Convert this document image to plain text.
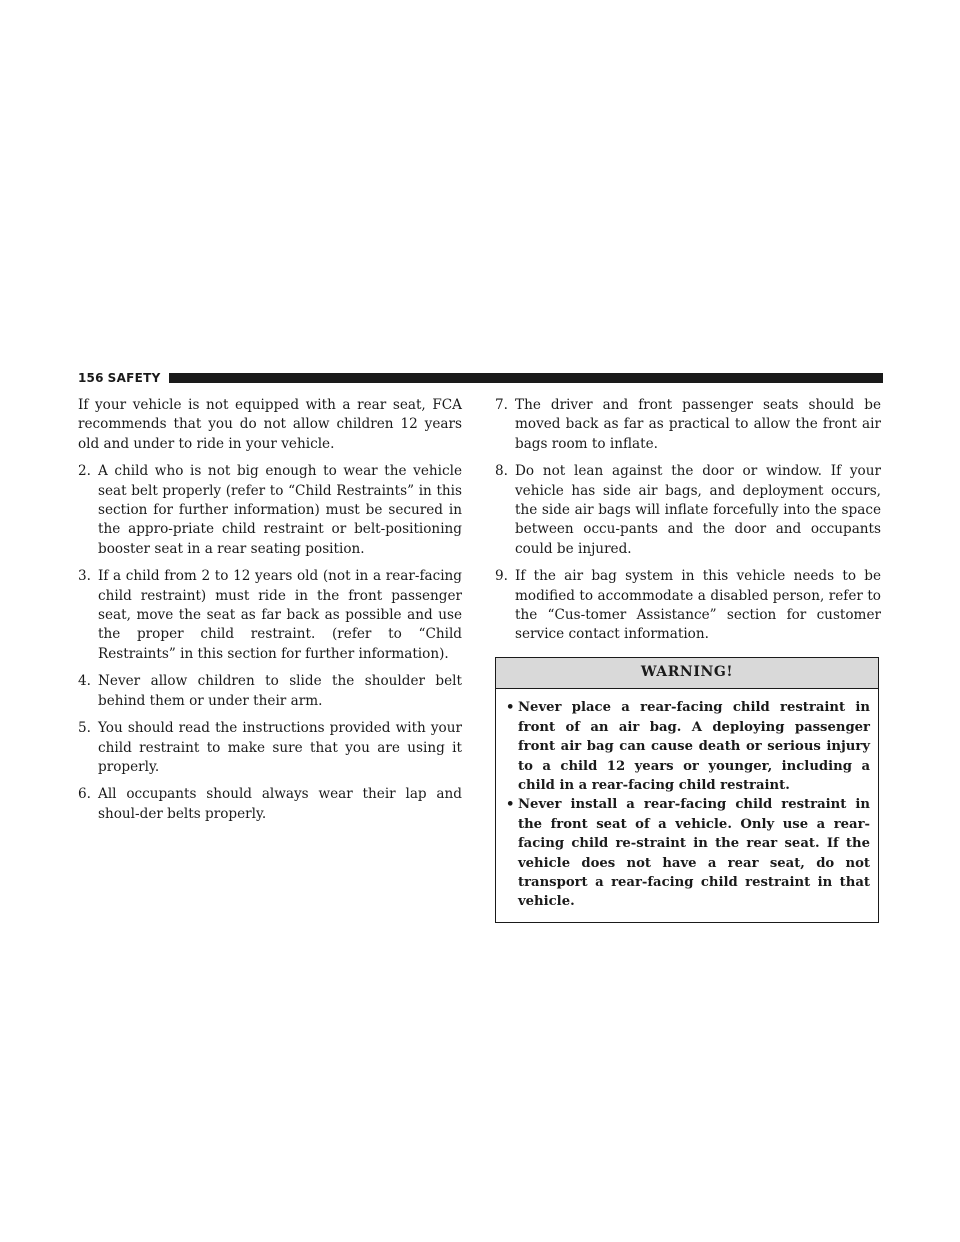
156 SAFETY

If your vehicle is not equipped with a rear seat, FCA recommends that you do not allow children 12 years old and under to ride in your vehicle.

2. A child who is not big enough to wear the vehicle seat belt properly (refer to “Child Restraints” in this section for further information) must be secured in the appro-priate child restraint or belt-positioning booster seat in a rear seating position.
3. If a child from 2 to 12 years old (not in a rear-facing child restraint) must ride in the front passenger seat, move the seat as far back as possible and use the proper child restraint. (refer to “Child Restraints” in this section for further information).
4. Never allow children to slide the shoulder belt behind them or under their arm.
5. You should read the instructions provided with your child restraint to make sure that you are using it properly.
6. All occupants should always wear their lap and shoul-der belts properly.
7. The driver and front passenger seats should be moved back as far as practical to allow the front air bags room to inflate.
8. Do not lean against the door or window. If your vehicle has side air bags, and deployment occurs, the side air bags will inflate forcefully into the space between occu-pants and the door and occupants could be injured.
9. If the air bag system in this vehicle needs to be modified to accommodate a disabled person, refer to the “Cus-tomer Assistance” section for customer service contact information.
WARNING!
• Never place a rear-facing child restraint in front of an air bag. A deploying passenger front air bag can cause death or serious injury to a child 12 years or younger, including a child in a rear-facing child restraint.
• Never install a rear-facing child restraint in the front seat of a vehicle. Only use a rear-facing child re-straint in the rear seat. If the vehicle does not have a rear seat, do not transport a rear-facing child restraint in that vehicle.
